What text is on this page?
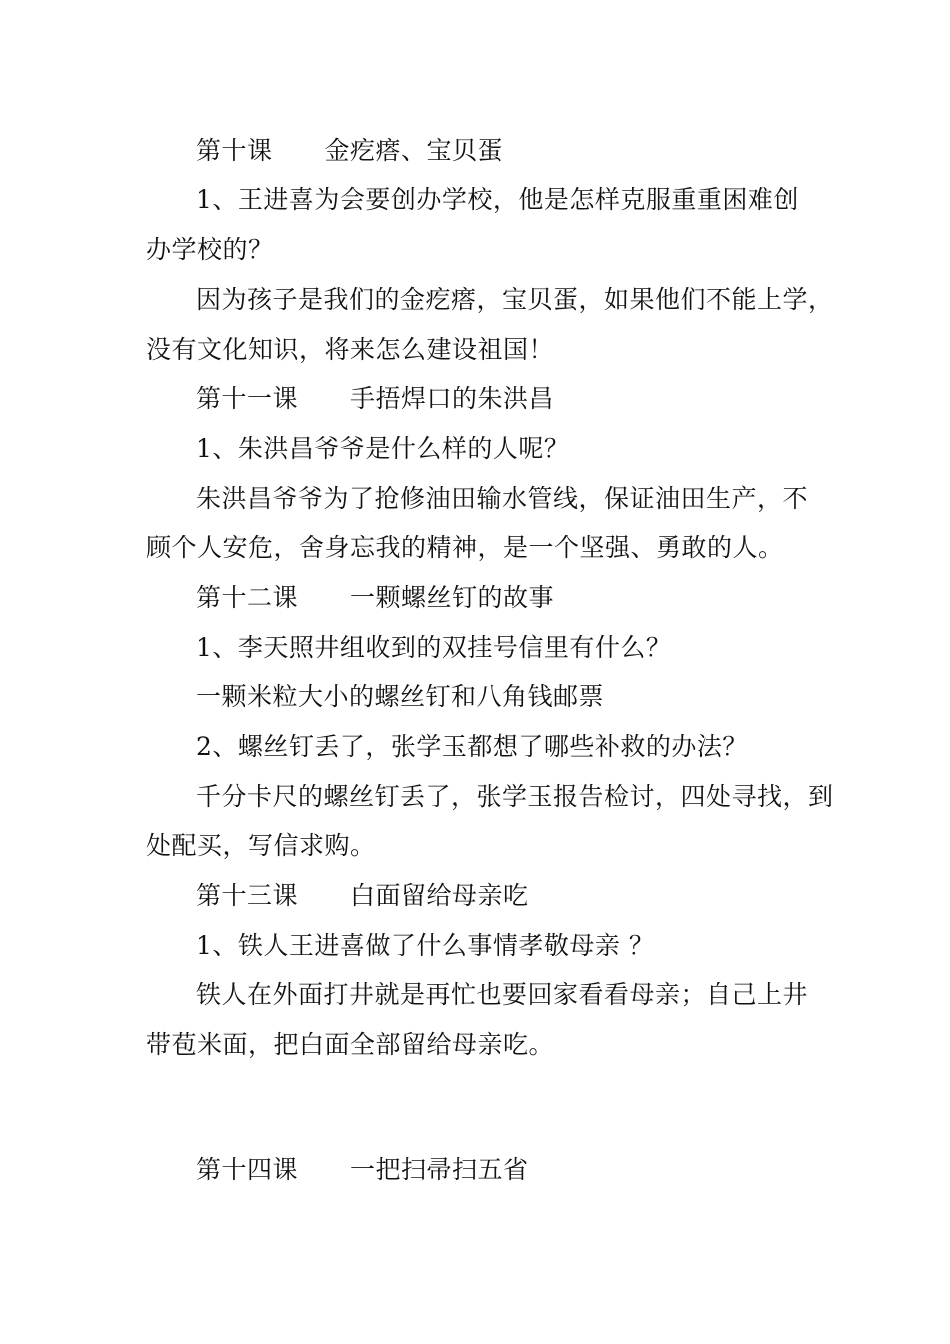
第十课 金疙瘩、宝贝蛋
1、王进喜为会要创办学校，他是怎样克服重重困难创
办学校的？
因为孩子是我们的金疙瘩，宝贝蛋，如果他们不能上学，
没有文化知识，将来怎么建设祖国！
第十一课 手捂焊口的朱洪昌
1、朱洪昌爷爷是什么样的人呢？
朱洪昌爷爷为了抢修油田输水管线，保证油田生产，不
顾个人安危，舍身忘我的精神，是一个坚强、勇敢的人。
第十二课 一颗螺丝钉的故事
1、李天照井组收到的双挂号信里有什么？
一颗米粒大小的螺丝钉和八角钱邮票
2、螺丝钉丢了，张学玉都想了哪些补救的办法？
千分卡尺的螺丝钉丢了，张学玉报告检讨，四处寻找，到
处配买，写信求购。
第十三课 白面留给母亲吃
1、铁人王进喜做了什么事情孝敬母亲 ？
铁人在外面打井就是再忙也要回家看看母亲；自己上井
带苞米面，把白面全部留给母亲吃。
第十四课 一把扫帚扫五省
